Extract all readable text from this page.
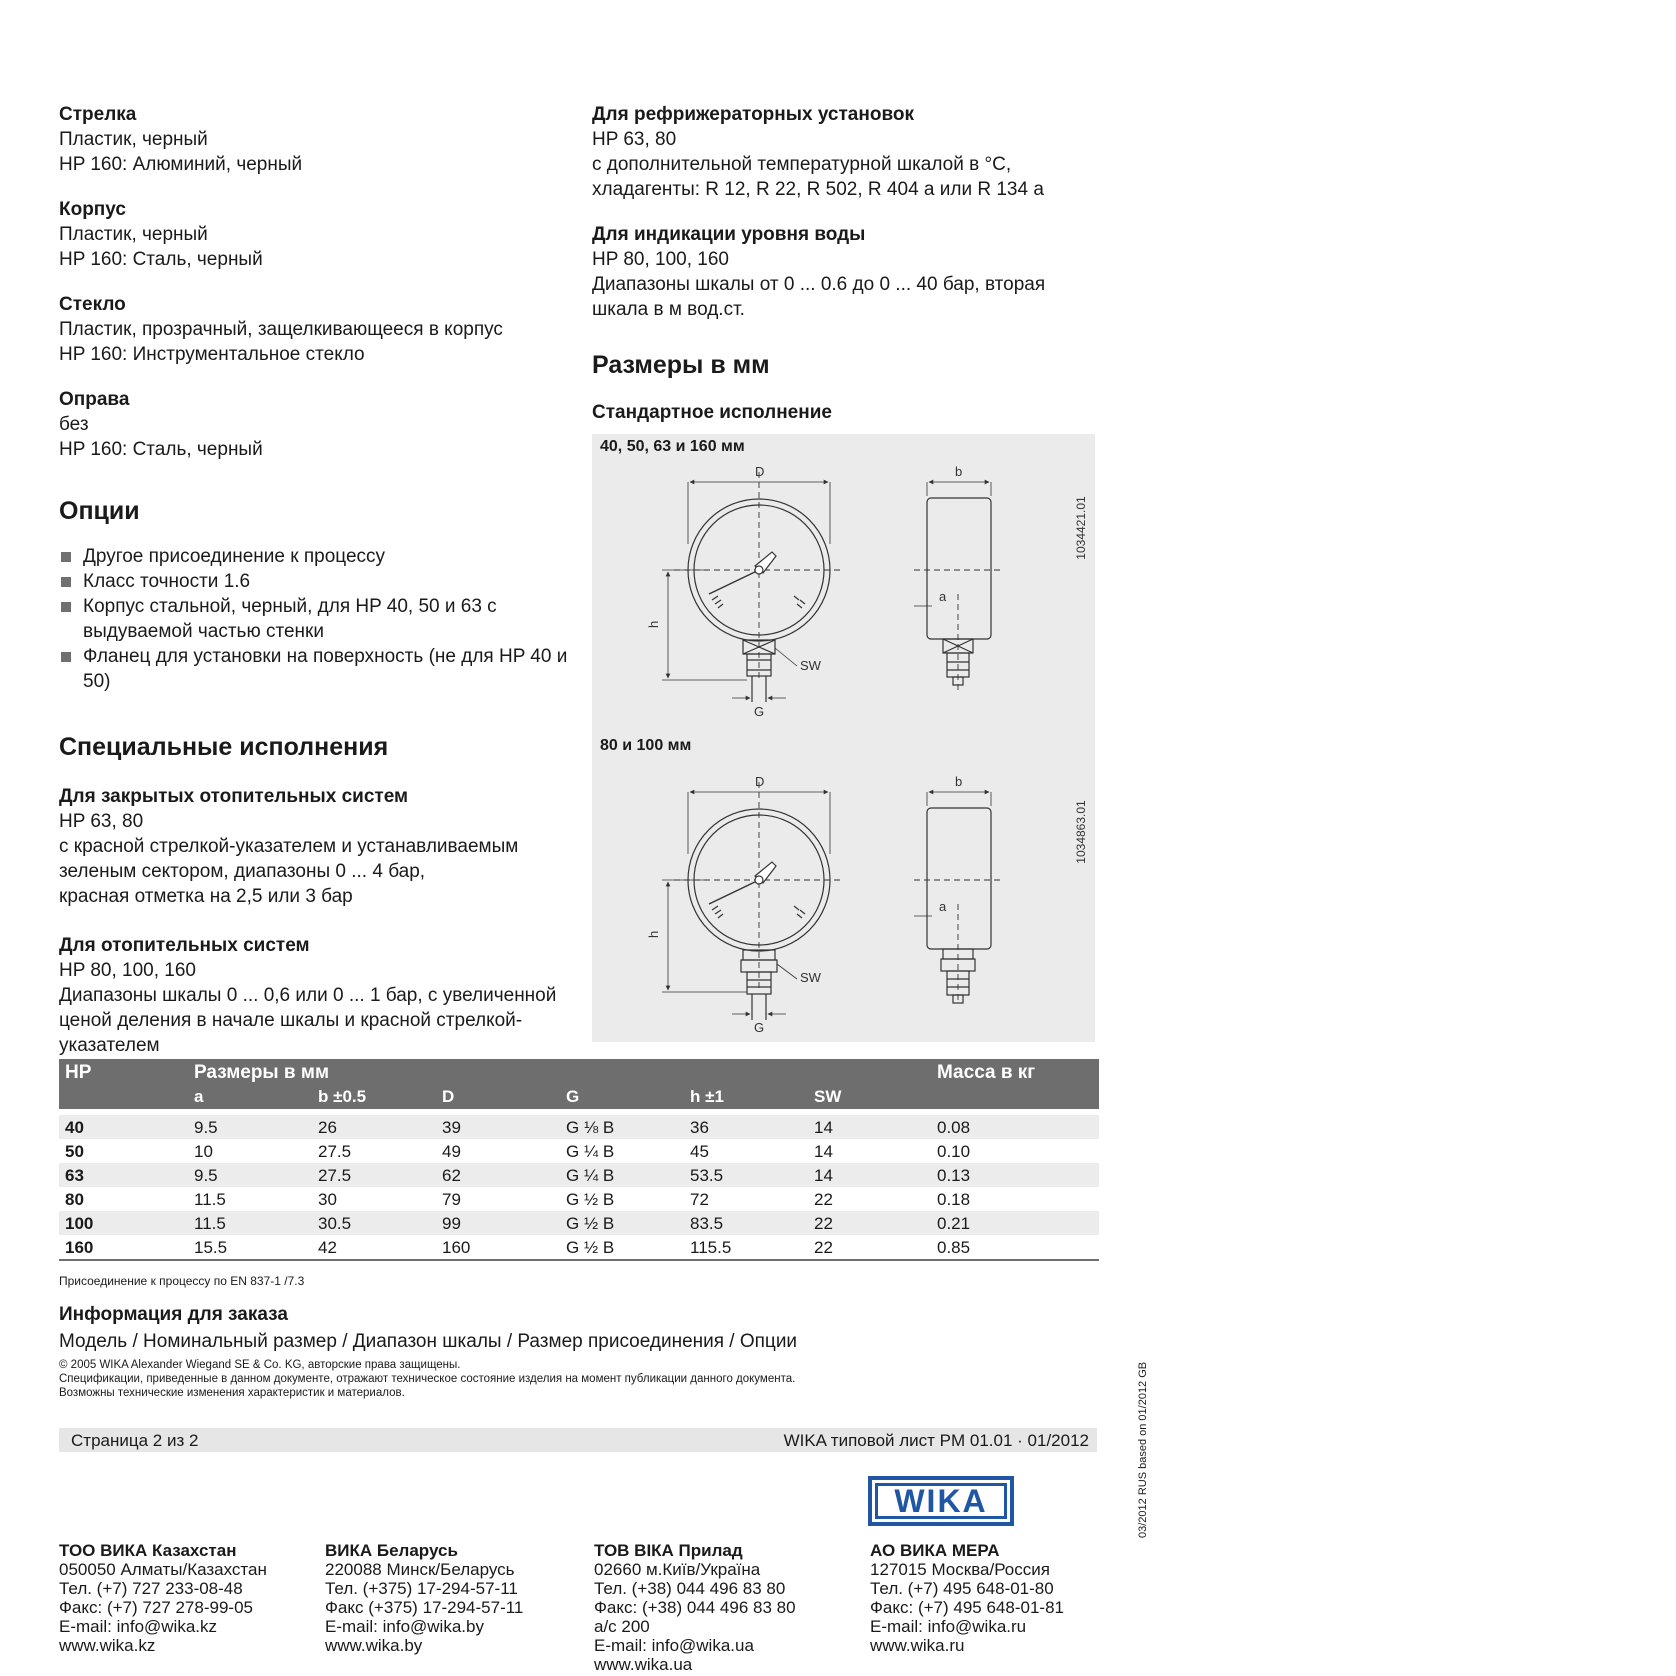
Стрелка

Пластик, черный

HP 160: Алюминий, черный

Корпус

Пластик, черный

HP 160: Сталь, черный

Стекло

Пластик, прозрачный, защелкивающееся в корпус

HP 160: Инструментальное стекло

Оправа

без

HP 160: Сталь, черный

Опции

Другое присоединение к процессу
Класс точности 1.6
Корпус стальной, черный, для HP 40, 50 и 63 с выдуваемой частью стенки
Фланец для установки на поверхность (не для HP 40 и 50)

Специальные исполнения

Для закрытых отопительных систем

HP 63, 80

с красной стрелкой-указателем и устанавливаемым

зеленым сектором, диапазоны 0 ... 4 бар,

красная отметка на 2,5 или 3 бар

Для отопительных систем

HP 80, 100, 160

Диапазоны шкалы 0 ... 0,6 или 0 ... 1 бар, с увеличенной

ценой деления в начале шкалы и красной стрелкой-

указателем

Для рефрижераторных установок

HP 63, 80

с дополнительной температурной шкалой в °C,

хладагенты: R 12, R 22, R 502, R 404 a или R 134 a

Для индикации уровня воды

HP 80, 100, 160

Диапазоны шкалы от 0 ... 0.6 до 0 ... 40 бар, вторая

шкала в м вод.ст.

Размеры в мм

Стандартное исполнение

40, 50, 63 и 160 мм
80 и 100 мм
D	b
a
h
SW
G
1034421.01
D	b
a
h
SW
G
1034863.01
HP	Размеры в мм	Масса в кг
a	b ±0.5	D	G	h ±1	SW
40	9.5	26	39	G ⅛ B	36	14	0.08
50	10	27.5	49	G ¼ B	45	14	0.10
63	9.5	27.5	62	G ¼ B	53.5	14	0.13
80	11.5	30	79	G ½ B	72	22	0.18
100	11.5	30.5	99	G ½ B	83.5	22	0.21
160	15.5	42	160	G ½ B	115.5	22	0.85
Присоединение к процессу по EN 837-1 /7.3

Информация для заказа

Модель / Номинальный размер / Диапазон шкалы / Размер присоединения / Опции

© 2005 WIKA Alexander Wiegand SE & Co. KG, авторские права защищены.
Спецификации, приведенные в данном документе, отражают техническое состояние изделия на момент публикации данного документа.
Возможны технические изменения характеристик и материалов.
Страница 2 из 2	WIKA типовой лист PM 01.01 · 01/2012	03/2012 RUS based on 01/2012 GB
WIKA
ТОО ВИКА Казахстан
050050 Алматы/Казахстан
Тел. (+7) 727 233-08-48
Факс: (+7) 727 278-99-05
E-mail: info@wika.kz
www.wika.kz
ВИКА Беларусь
220088 Минск/Беларусь
Тел. (+375) 17-294-57-11
Факс (+375) 17-294-57-11
E-mail: info@wika.by
www.wika.by
ТОВ ВІКА Прилад
02660 м.Київ/Україна
Тел. (+38) 044 496 83 80
Факс: (+38) 044 496 83 80
а/с 200
E-mail: info@wika.ua
www.wika.ua
АО ВИКА МЕРА
127015 Москва/Россия
Тел. (+7) 495 648-01-80
Факс: (+7) 495 648-01-81
E-mail: info@wika.ru
www.wika.ru
